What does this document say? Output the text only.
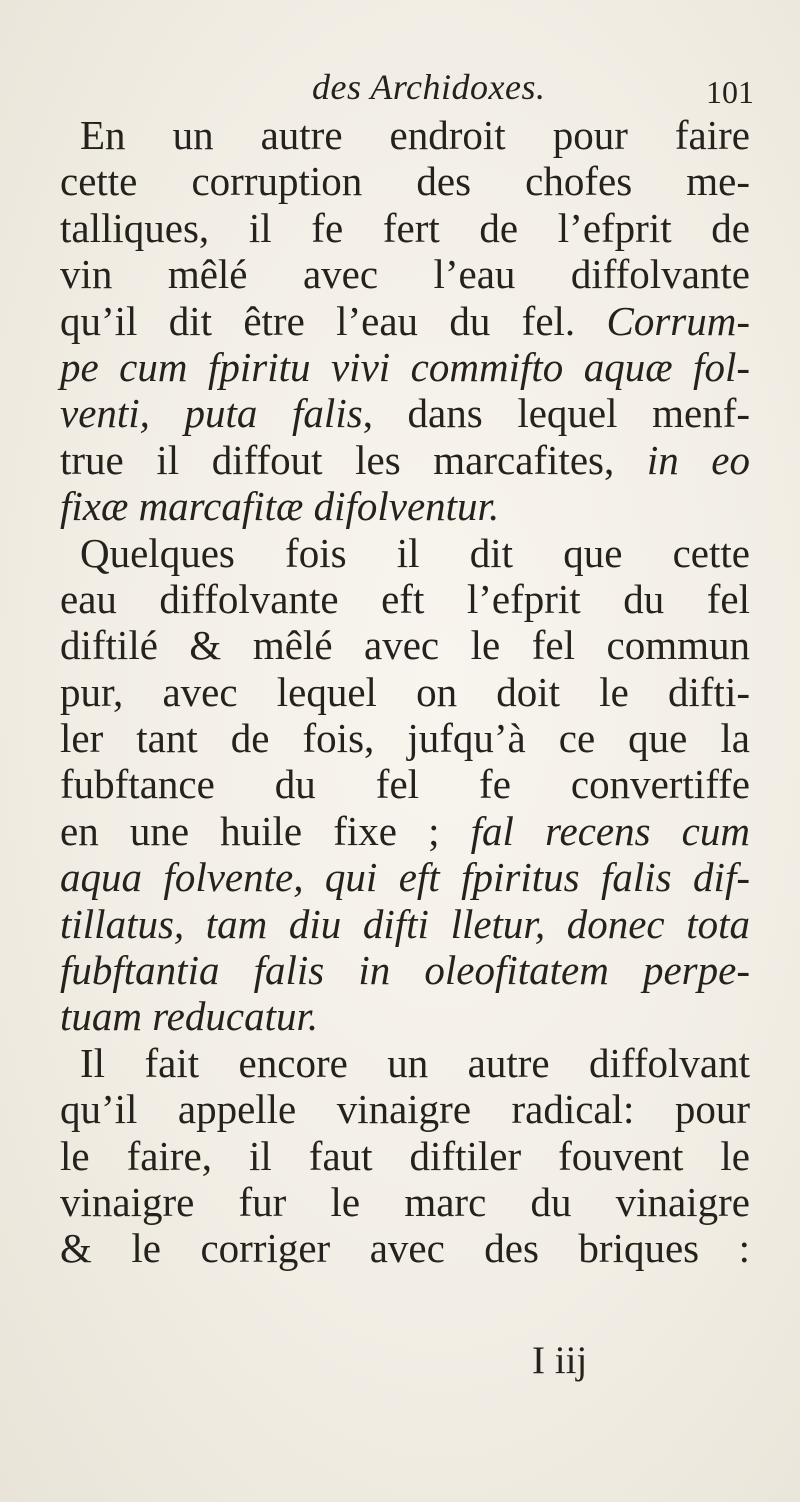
des Archidoxes.	101
En un autre endroit pour faire
cette corruption des chofes me-
talliques, il fe fert de l’efprit de
vin mêlé avec l’eau diffolvante
qu’il dit être l’eau du fel. Corrum-
pe cum fpiritu vivi commifto aquæ fol-
venti, puta falis, dans lequel menf-
true il diffout les marcafites, in eo
fixæ marcafitæ difolventur.
Quelques fois il dit que cette
eau diffolvante eft l’efprit du fel
diftilé & mêlé avec le fel commun
pur, avec lequel on doit le difti-
ler tant de fois, jufqu’à ce que la
fubftance du fel fe convertiffe
en une huile fixe ; fal recens cum
aqua folvente, qui eft fpiritus falis dif-
tillatus, tam diu difti lletur, donec tota
fubftantia falis in oleofitatem perpe-
tuam reducatur.
Il fait encore un autre diffolvant
qu’il appelle vinaigre radical: pour
le faire, il faut diftiler fouvent le
vinaigre fur le marc du vinaigre
& le corriger avec des briques :
I iij
